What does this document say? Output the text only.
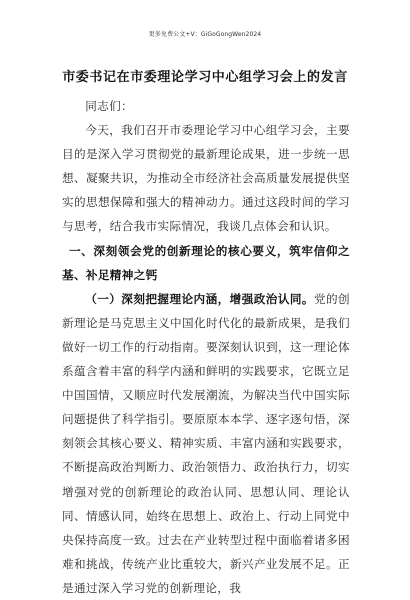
更多免费公文+V：GiGoGongWen2024
市委书记在市委理论学习中心组学习会上的发言

同志们：

今天，我们召开市委理论学习中心组学习会，主要目的是深入学习贯彻党的最新理论成果，进一步统一思想、凝聚共识，为推动全市经济社会高质量发展提供坚实的思想保障和强大的精神动力。通过这段时间的学习与思考，结合我市实际情况，我谈几点体会和认识。

一、深刻领会党的创新理论的核心要义，筑牢信仰之基、补足精神之钙

（一）深刻把握理论内涵，增强政治认同。党的创新理论是马克思主义中国化时代化的最新成果，是我们做好一切工作的行动指南。要深刻认识到，这一理论体系蕴含着丰富的科学内涵和鲜明的实践要求，它既立足中国国情，又顺应时代发展潮流，为解决当代中国实际问题提供了科学指引。要原原本本学、逐字逐句悟，深刻领会其核心要义、精神实质、丰富内涵和实践要求，不断提高政治判断力、政治领悟力、政治执行力，切实增强对党的创新理论的政治认同、思想认同、理论认同、情感认同，始终在思想上、政治上、行动上同党中央保持高度一致。过去在产业转型过程中面临着诸多困难和挑战，传统产业比重较大，新兴产业发展不足。正是通过深入学习党的创新理论，我
